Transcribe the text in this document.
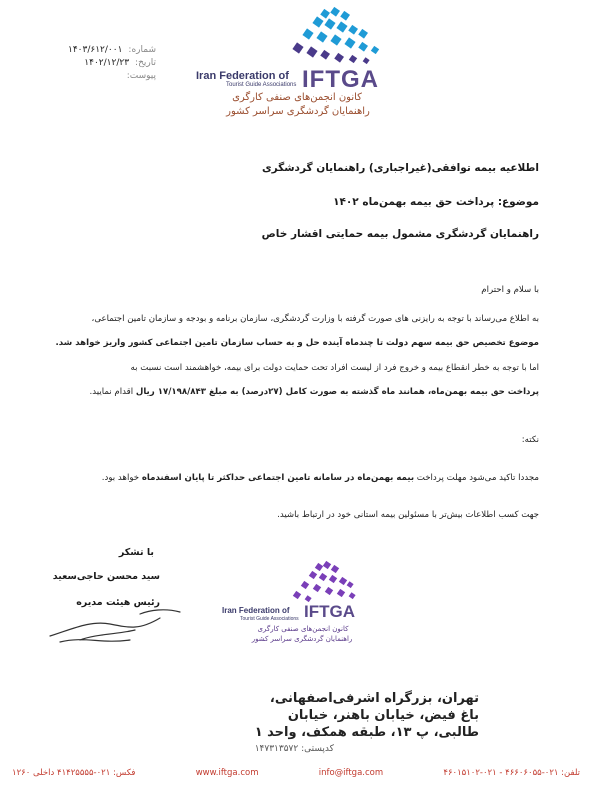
شماره:
۱۴۰۳/۶۱۲/۰۰۱
تاریخ:
۱۴۰۲/۱۲/۲۳
پیوست:	Iran Federation of
Tourist Guide Associations IFTGA
کانون انجمن‌های صنفی کارگری
راهنمایان گردشگری سراسر کشور
اطلاعیه بیمه توافقی(غیراجباری) راهنمایان گردشگری
موضوع: پرداخت حق بیمه بهمن‌ماه ۱۴۰۲
راهنمایان گردشگری مشمول بیمه حمایتی اقشار خاص
با سلام و احترام
به اطلاع می‌رساند با توجه به رایزنی های صورت گرفته با وزارت گردشگری، سازمان برنامه و بودجه و سازمان تامین اجتماعی،
موضوع تخصیص حق بیمه سهم دولت تا چندماه آینده حل و به حساب سازمان تامین اجتماعی کشور واریز خواهد شد.
اما با توجه به خطر انقطاع بیمه و خروج فرد از لیست افراد تحت حمایت دولت برای بیمه، خواهشمند است نسبت به
پرداخت حق بیمه بهمن‌ماه، همانند ماه گذشته به صورت کامل (۲۷درصد) به مبلغ ۱۷/۱۹۸/۸۴۳ ریال اقدام نمایید.
نکته:
مجددا تاکید می‌شود مهلت پرداخت بیمه بهمن‌ماه در سامانه تامین اجتماعی حداکثر تا پایان اسفندماه خواهد بود.
جهت کسب اطلاعات بیش‌تر با مسئولین بیمه استانی خود در ارتباط باشید.
با تشکر
سید محسن حاجی‌سعید
رئیس هیئت مدیره
Iran Federation of
Tourist Guide Associations IFTGA
کانون انجمن‌های صنفی کارگری
راهنمایان گردشگری سراسر کشور
تهران، بزرگراه اشرفی‌اصفهانی،
باغ فیض، خیابان باهنر، خیابان
طالبی، پ ۱۳، طبقه همکف، واحد ۱
کدپستی: ۱۴۷۳۱۳۵۷۲
تلفن: ۰۲۱-۴۶۶۰۶۰۵۵ - ۰۲۱-۴۶۰۱۵۱۰۲
info@iftga.com
www.iftga.com
فکس: ۰۲۱-۴۱۴۲۵۵۵۵ داخلی ۱۲۶۰
